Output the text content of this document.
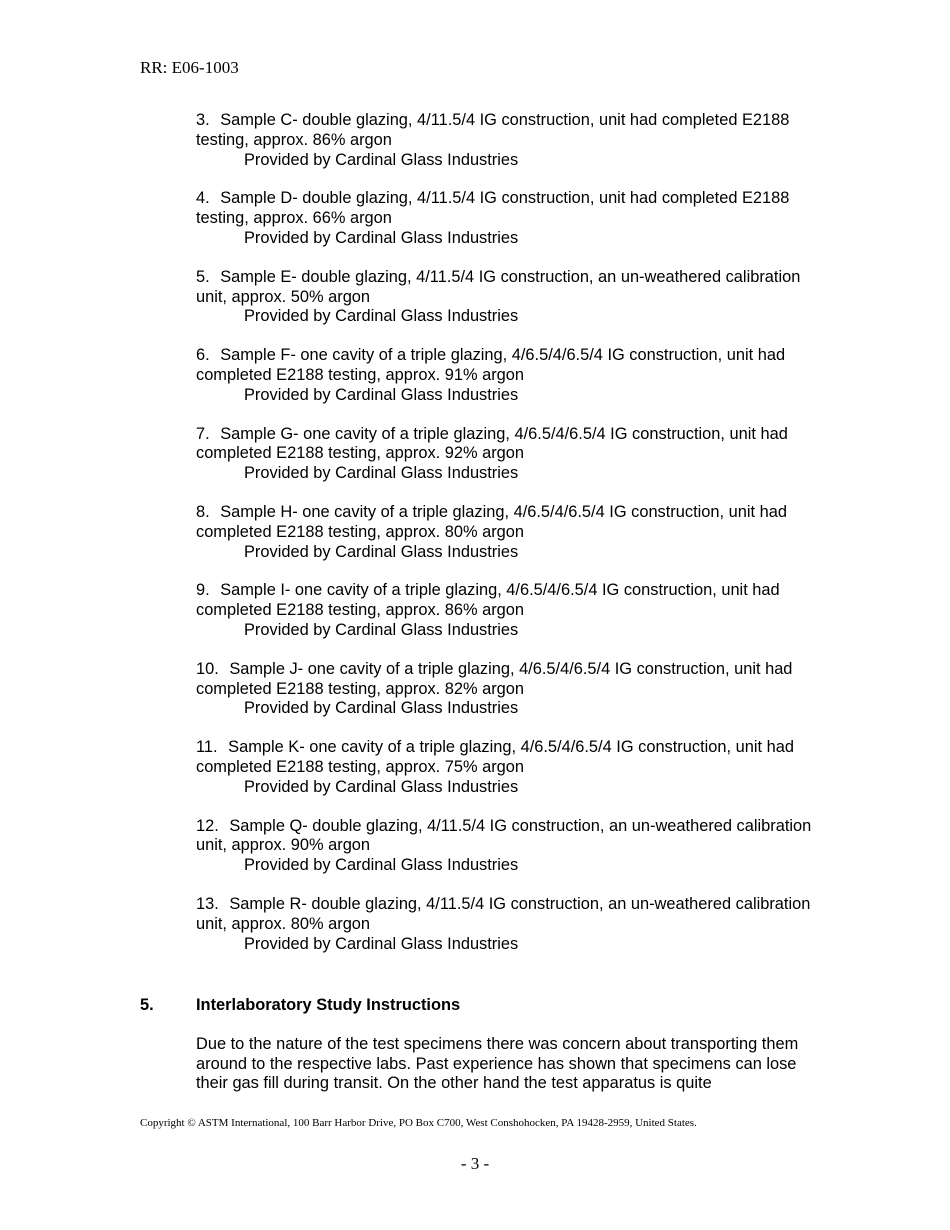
RR: E06-1003
3. Sample C- double glazing, 4/11.5/4 IG construction, unit had completed E2188 testing, approx. 86% argon
Provided by Cardinal Glass Industries
4. Sample D- double glazing, 4/11.5/4 IG construction, unit had completed E2188 testing, approx. 66% argon
Provided by Cardinal Glass Industries
5. Sample E- double glazing, 4/11.5/4 IG construction, an un-weathered calibration unit, approx. 50% argon
Provided by Cardinal Glass Industries
6. Sample F- one cavity of a triple glazing, 4/6.5/4/6.5/4 IG construction, unit had completed E2188 testing, approx. 91% argon
Provided by Cardinal Glass Industries
7. Sample G- one cavity of a triple glazing, 4/6.5/4/6.5/4 IG construction, unit had completed E2188 testing, approx. 92% argon
Provided by Cardinal Glass Industries
8. Sample H- one cavity of a triple glazing, 4/6.5/4/6.5/4 IG construction, unit had completed E2188 testing, approx. 80% argon
Provided by Cardinal Glass Industries
9. Sample I- one cavity of a triple glazing, 4/6.5/4/6.5/4 IG construction, unit had completed E2188 testing, approx. 86% argon
Provided by Cardinal Glass Industries
10. Sample J- one cavity of a triple glazing, 4/6.5/4/6.5/4 IG construction, unit had completed E2188 testing, approx. 82% argon
Provided by Cardinal Glass Industries
11. Sample K- one cavity of a triple glazing, 4/6.5/4/6.5/4 IG construction, unit had completed E2188 testing, approx. 75% argon
Provided by Cardinal Glass Industries
12. Sample Q- double glazing, 4/11.5/4 IG construction, an un-weathered calibration unit, approx. 90% argon
Provided by Cardinal Glass Industries
13. Sample R- double glazing, 4/11.5/4 IG construction, an un-weathered calibration unit, approx. 80% argon
Provided by Cardinal Glass Industries
5.	Interlaboratory Study Instructions
Due to the nature of the test specimens there was concern about transporting them around to the respective labs. Past experience has shown that specimens can lose their gas fill during transit. On the other hand the test apparatus is quite
Copyright © ASTM International, 100 Barr Harbor Drive, PO Box C700, West Conshohocken, PA 19428-2959, United States.
- 3 -
